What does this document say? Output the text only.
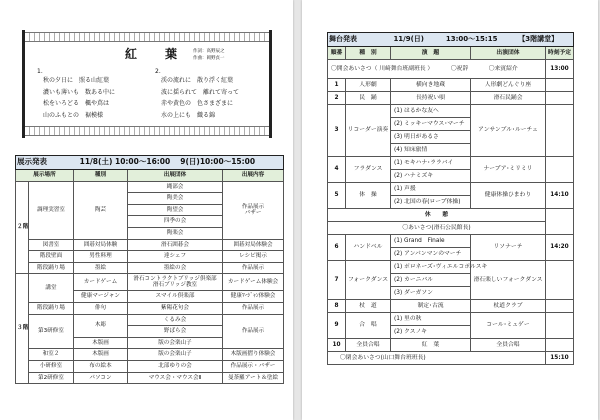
紅　葉 作詞：高野辰之
作曲：岡野貞一
1.
秋の夕日に　照る山紅葉
濃いも薄いも　数ある中に
松をいろどる　楓や蔦は
山のふもとの　裾模様
2.
渓の流れに　散り浮く紅葉
波に揺られて　離れて寄って
赤や黄色の　色さまざまに
水の上にも　織る錦
展示発表	11/8(土) 10:00～16:00 9(日)10:00～15:00
展示場所	種別	出展団体	出展内容
２階	調理実習室	陶芸	縄部会	作品展示
バザー
陶美会
陶望会
四季の会
陶楽会
図書室	囲碁対局体験	滑石囲碁会	囲碁対局体験会
階段壁面	男性料理	達シェフ	レシピ掲示
階段踊り場	墨絵	墨絵の会	作品展示
３階	講堂	カードゲーム	滑石コントラクトブリッジ倶楽部
滑石ブリッジ教室	カードゲーム体験会
健康マージャン	スマイル倶楽部	健康ﾏｰｼﾞｬﾝ体験会
階段踊り場	俳句	紫陽花句会	作品展示
第3研修室	木彫	くるみ会	作品展示
野ばら会
木版画	版の会楽山子
和室２	木版画	版の会楽山子	木版画摺り体験会
小研修室	布の絵本	北部ゆりの会	作品展示・バザー
第2研修室	パソコン	マウス会・マウス会Ⅱ	曼荼羅アート＆塗絵
舞台発表	11/9(日)	13:00～15:15	【3階講堂】
順番	種　別	演　題	出演団体	時刻予定
〇開会あいさつ（ 川﨑舞台班副班長 ）	〇祝辞	〇来賓紹介	13:00
1	人形劇	横向き地蔵	人形劇どんぐり座	
2	民　踊	長持祝い唄	滑石民踊会	
3	リコーダー演奏	(1) はるかな友へ	アンサンブル･ルーチェ	
(2) ミッキーマウス･マーチ
(3) 明日があるさ
(4) 知床旅情
4	フラダンス	(1) モキハナ･ララバイ	ナープア･ミリミリ	
(2) ハナミズキ
5	体　操	(1) 声援	健康体操ひまわり	14:10
(2) 北国の春(ロープ体操)
休　　憩	
〇あいさつ(滑石公民館長)
6	ハンドベル	(1) Grand　Finale	リソナーテ	14:20
(2) アンパンマンのマーチ
7	フォークダンス	(1) ポロネーズ･ヴィエルコポルスキ	滑石楽しいフォークダンス	
(2) カーニバル
(3) ダーガソン
8	杖　道	制定･古流	杖道クラブ	
9	合　唱	(1) 里の秋	コール･ミュゲー	
(2) クスノキ
10	全員合唱	紅　葉	全員合唱	
〇閉会あいさつ(山口舞台班班長)	15:10
